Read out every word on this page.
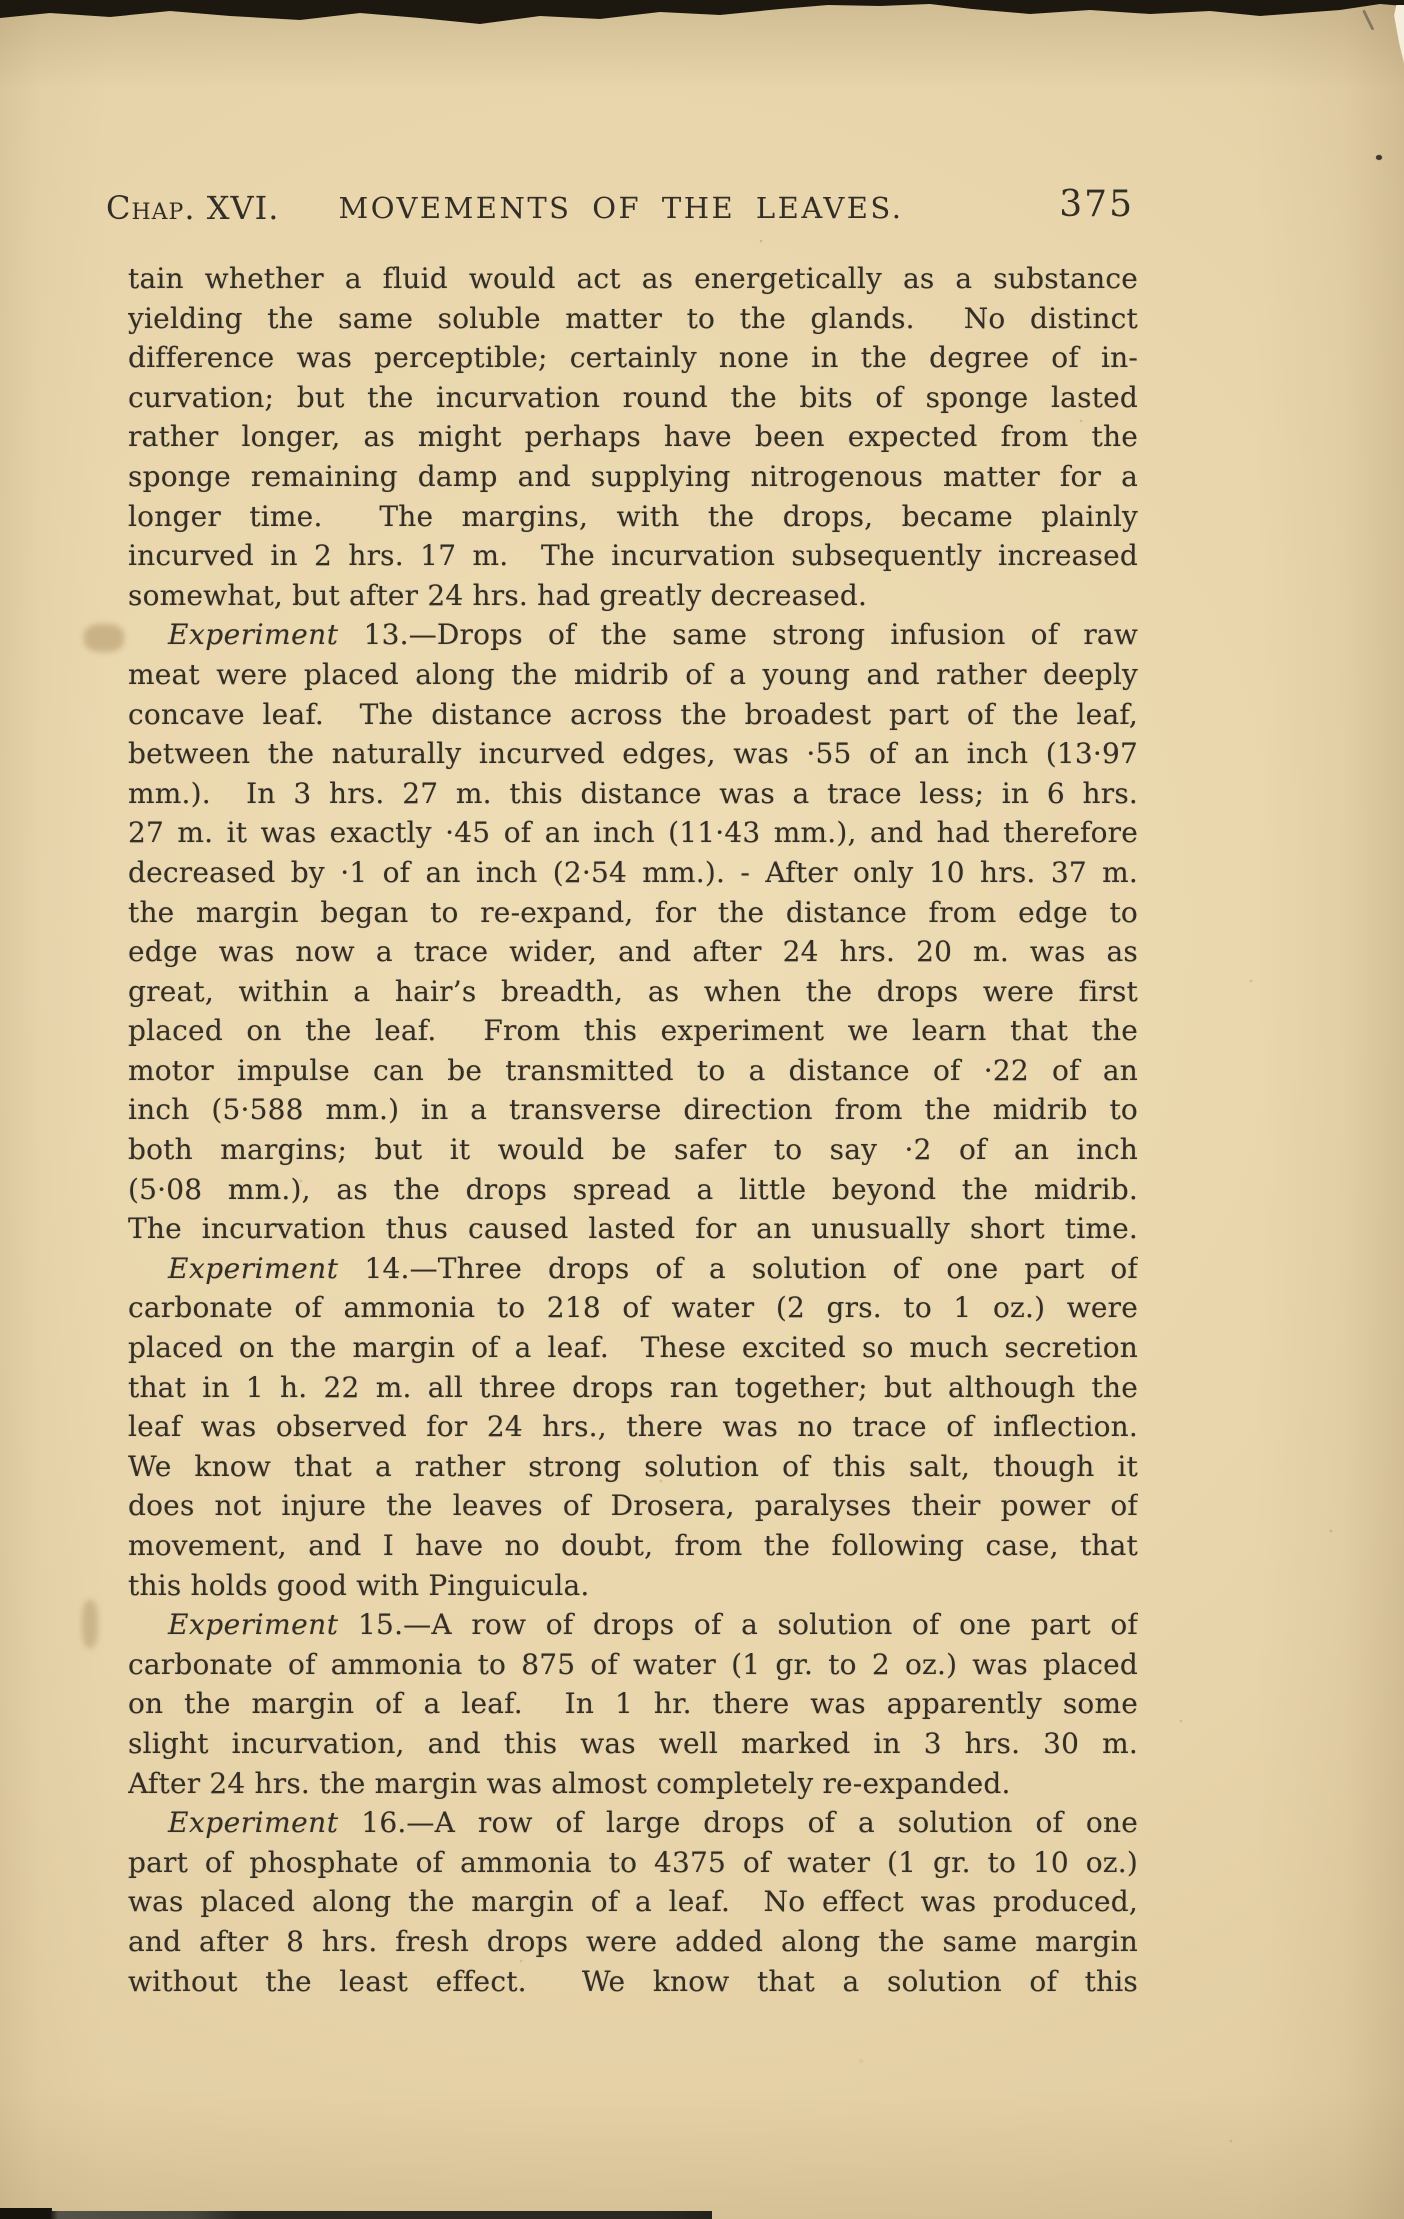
Chap. XVI.	MOVEMENTS OF THE LEAVES.	375
tain whether a fluid would act as energetically as a substance
yielding the same soluble matter to the glands.  No distinct
difference was perceptible; certainly none in the degree of in-
curvation; but the incurvation round the bits of sponge lasted
rather longer, as might perhaps have been expected from the
sponge remaining damp and supplying nitrogenous matter for a
longer time.  The margins, with the drops, became plainly
incurved in 2 hrs. 17 m.  The incurvation subsequently increased
somewhat, but after 24 hrs. had greatly decreased.
Experiment 13.—Drops of the same strong infusion of raw
meat were placed along the midrib of a young and rather deeply
concave leaf.  The distance across the broadest part of the leaf,
between the naturally incurved edges, was ·55 of an inch (13·97
mm.).  In 3 hrs. 27 m. this distance was a trace less; in 6 hrs.
27 m. it was exactly ·45 of an inch (11·43 mm.), and had therefore
decreased by ·1 of an inch (2·54 mm.). - After only 10 hrs. 37 m.
the margin began to re-expand, for the distance from edge to
edge was now a trace wider, and after 24 hrs. 20 m. was as
great, within a hair’s breadth, as when the drops were first
placed on the leaf.  From this experiment we learn that the
motor impulse can be transmitted to a distance of ·22 of an
inch (5·588 mm.) in a transverse direction from the midrib to
both margins; but it would be safer to say ·2 of an inch
(5·08 mm.), as the drops spread a little beyond the midrib.
The incurvation thus caused lasted for an unusually short time.
Experiment 14.—Three drops of a solution of one part of
carbonate of ammonia to 218 of water (2 grs. to 1 oz.) were
placed on the margin of a leaf.  These excited so much secretion
that in 1 h. 22 m. all three drops ran together; but although the
leaf was observed for 24 hrs., there was no trace of inflection.
We know that a rather strong solution of this salt, though it
does not injure the leaves of Drosera, paralyses their power of
movement, and I have no doubt, from the following case, that
this holds good with Pinguicula.
Experiment 15.—A row of drops of a solution of one part of
carbonate of ammonia to 875 of water (1 gr. to 2 oz.) was placed
on the margin of a leaf.  In 1 hr. there was apparently some
slight incurvation, and this was well marked in 3 hrs. 30 m.
After 24 hrs. the margin was almost completely re-expanded.
Experiment 16.—A row of large drops of a solution of one
part of phosphate of ammonia to 4375 of water (1 gr. to 10 oz.)
was placed along the margin of a leaf.  No effect was produced,
and after 8 hrs. fresh drops were added along the same margin
without the least effect.  We know that a solution of this
